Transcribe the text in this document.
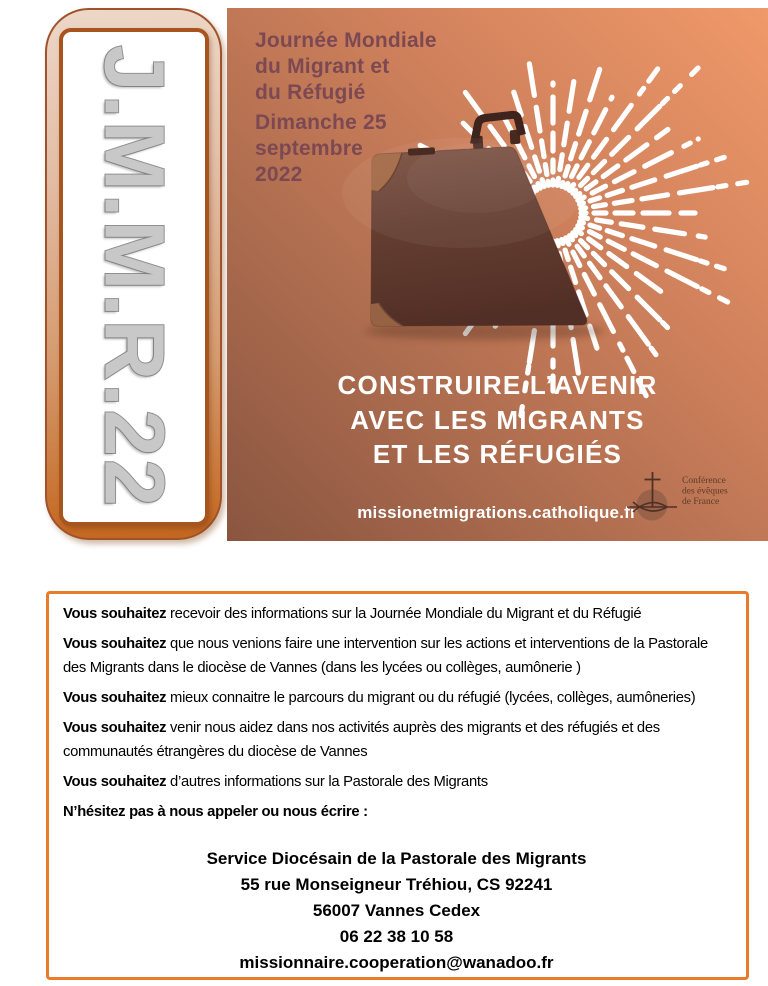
J.M.M.R.22
Journée Mondiale
du Migrant et
du Réfugié
Dimanche 25
septembre
2022
CONSTRUIRE L’AVENIR
AVEC LES MIGRANTS
ET LES RÉFUGIÉS
missionetmigrations.catholique.fr
Conférence
des évêques
de France

Vous souhaitez recevoir des informations sur la Journée Mondiale du Migrant et du Réfugié

Vous souhaitez que nous venions faire une intervention sur les actions et interventions de la Pastorale des Migrants dans le diocèse de Vannes (dans les lycées ou collèges, aumônerie )

Vous souhaitez mieux connaitre le parcours du migrant ou du réfugié (lycées, collèges, aumôneries)

Vous souhaitez venir nous aidez dans nos activités auprès des migrants et des réfugiés et des communautés étrangères du diocèse de Vannes

Vous souhaitez d’autres informations sur la Pastorale des Migrants

N’hésitez pas à nous appeler ou nous écrire :

Service Diocésain de la Pastorale des Migrants
55 rue Monseigneur Tréhiou, CS 92241
56007 Vannes Cedex
06 22 38 10 58
missionnaire.cooperation@wanadoo.fr
